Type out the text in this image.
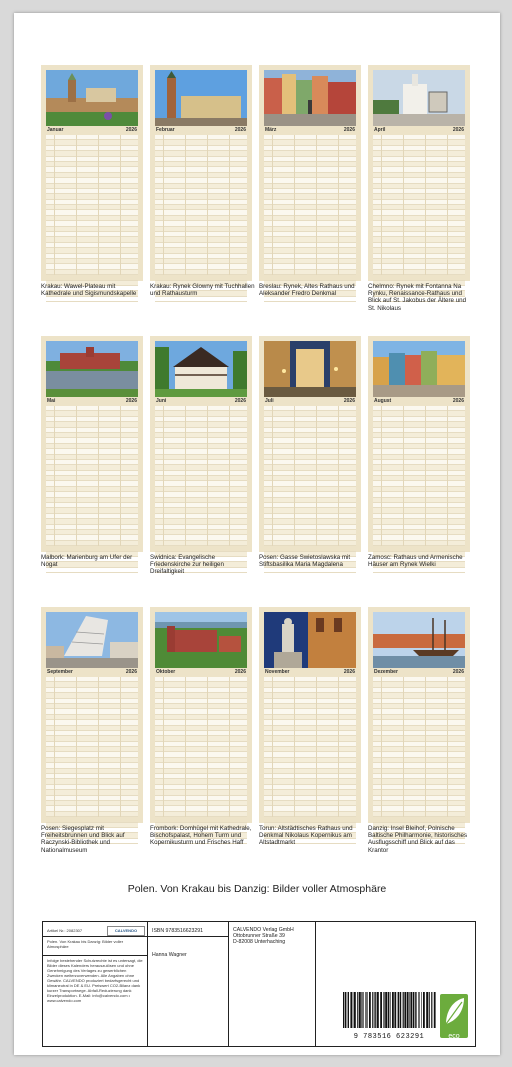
Januar	2026
Krakau: Wawel-Plateau mit Kathedrale und Sigismundskapelle
Februar	2026
Krakau: Rynek Glowny mit Tuchhallen und Rathausturm
März	2026
Breslau: Rynek, Altes Rathaus und Aleksander Fredro Denkmal
April	2026
Chelmno: Rynek mit Fontanna Na Rynku, Renaissance-Rathaus und Blick auf St. Jakobus der Ältere und St. Nikolaus
Mai	2026
Malbork: Marienburg am Ufer der Nogat
Juni	2026
Swidnica: Evangelische Friedenskirche zur heiligen Dreifaltigkeit
Juli	2026
Posen: Gasse Swietoslawska mit Stiftsbasilika Maria Magdalena
August	2026
Zamosc: Rathaus und Armenische Häuser am Rynek Wielki
September	2026
Posen: Siegesplatz mit Freiheitsbrunnen und Blick auf Raczynski-Bibliothek und Nationalmuseum
Oktober	2026
Frombork: Domhügel mit Kathedrale, Bischofspalast, Hohem Turm und Kopernikusturm und Frisches Haff
November	2026
Torun: Altstädtisches Rathaus und Denkmal Nikolaus Kopernikus am Altstadtmarkt
Dezember	2026
Danzig: Insel Bleihof, Polnische Baltische Philharmonie, historisches Ausflugsschiff und Blick auf das Krantor
Polen. Von Krakau bis Danzig: Bilder voller Atmosphäre
Artikel Nr.: 2082307	CALVENDO
Polen. Von Krakau bis Danzig: Bilder voller Atmosphäre
Infolge bestehender Schutzrechte ist es untersagt, die Bilder dieses Kalenders herauszulösen und ohne Genehmigung des Verlages zu gewerblichen Zwecken weiterzuverwenden. Alle Angaben ohne Gewähr. CALVENDO produziert bedarfsgerecht und klimaneutral in DE & EU. Preiswert CO2-Bilanz dank kurzer Transportwege. Abfall-Reduzierung dank Einzelproduktion. E-Mail: info@calvendo.com • www.calvendo.com
ISBN 9783516623291
Hanna Wagner
CALVENDO Verlag GmbH
Ottobrunner Straße 39
D-82008 Unterhaching
9 783516 623291	eco
